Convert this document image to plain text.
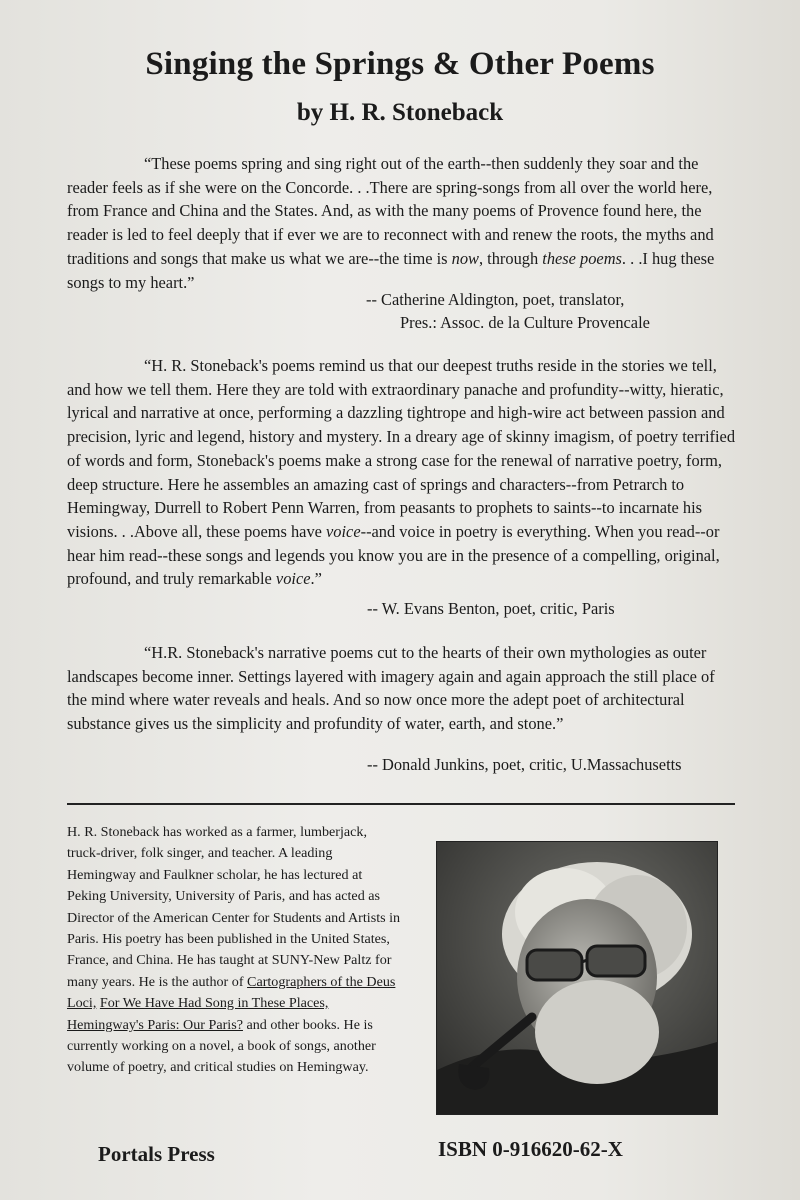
Singing the Springs & Other Poems
by H. R. Stoneback

“These poems spring and sing right out of the earth--then suddenly they soar and the reader feels as if she were on the Concorde. . .There are spring-songs from all over the world here, from France and China and the States. And, as with the many poems of Provence found here, the reader is led to feel deeply that if ever we are to reconnect with and renew the roots, the myths and traditions and songs that make us what we are--the time is now, through these poems. . .I hug these songs to my heart.”

-- Catherine Aldington, poet, translator,

Pres.: Assoc. de la Culture Provencale

“H. R. Stoneback's poems remind us that our deepest truths reside in the stories we tell, and how we tell them. Here they are told with extraordinary panache and profundity--witty, hieratic, lyrical and narrative at once, performing a dazzling tightrope and high-wire act between passion and precision, lyric and legend, history and mystery. In a dreary age of skinny imagism, of poetry terrified of words and form, Stoneback's poems make a strong case for the renewal of narrative poetry, form, deep structure. Here he assembles an amazing cast of springs and characters--from Petrarch to Hemingway, Durrell to Robert Penn Warren, from peasants to prophets to saints--to incarnate his visions. . .Above all, these poems have voice--and voice in poetry is everything. When you read--or hear him read--these songs and legends you know you are in the presence of a compelling, original, profound, and truly remarkable voice.”

-- W. Evans Benton, poet, critic, Paris

“H.R. Stoneback's narrative poems cut to the hearts of their own mythologies as outer landscapes become inner. Settings layered with imagery again and again approach the still place of the mind where water reveals and heals. And so now once more the adept poet of architectural substance gives us the simplicity and profundity of water, earth, and stone.”

-- Donald Junkins, poet, critic, U.Massachusetts

H. R. Stoneback has worked as a farmer, lumberjack, truck-driver, folk singer, and teacher. A leading Hemingway and Faulkner scholar, he has lectured at Peking University, University of Paris, and has acted as Director of the American Center for Students and Artists in Paris. His poetry has been published in the United States, France, and China. He has taught at SUNY-New Paltz for many years. He is the author of Cartographers of the Deus Loci, For We Have Had Song in These Places, Hemingway's Paris: Our Paris? and other books. He is currently working on a novel, a book of songs, another volume of poetry, and critical studies on Hemingway.

Portals Press	ISBN 0-916620-62-X
